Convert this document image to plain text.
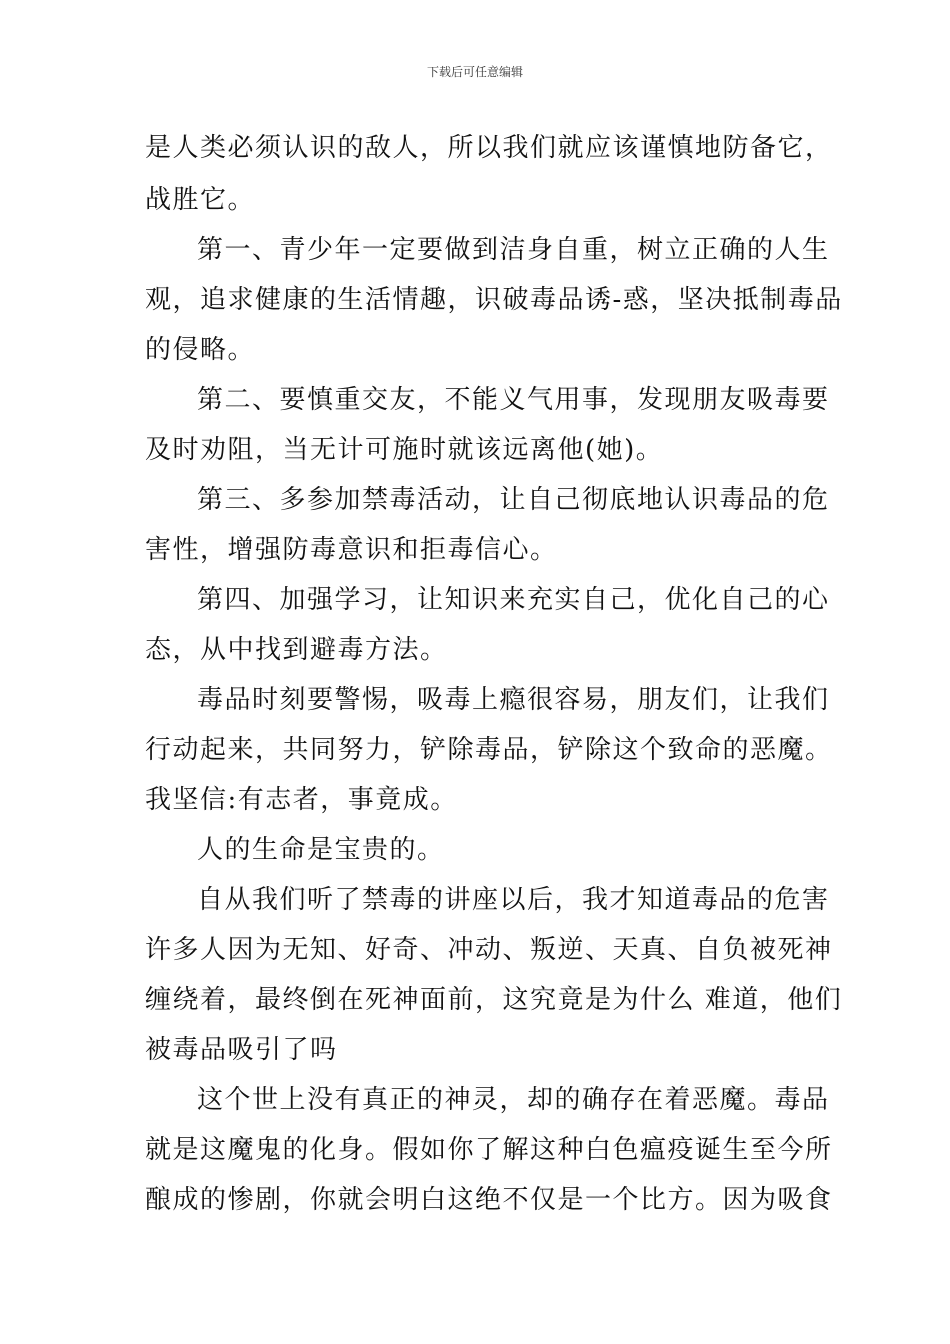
下载后可任意编辑
是人类必须认识的敌人，所以我们就应该谨慎地防备它，
战胜它。
第一、青少年一定要做到洁身自重，树立正确的人生
观，追求健康的生活情趣，识破毒品诱-惑，坚决抵制毒品
的侵略。
第二、要慎重交友，不能义气用事，发现朋友吸毒要
及时劝阻，当无计可施时就该远离他(她)。
第三、多参加禁毒活动，让自己彻底地认识毒品的危
害性，增强防毒意识和拒毒信心。
第四、加强学习，让知识来充实自己，优化自己的心
态，从中找到避毒方法。
毒品时刻要警惕，吸毒上瘾很容易，朋友们，让我们
行动起来，共同努力，铲除毒品，铲除这个致命的恶魔。
我坚信:有志者，事竟成。
人的生命是宝贵的。
自从我们听了禁毒的讲座以后，我才知道毒品的危害
许多人因为无知、好奇、冲动、叛逆、天真、自负被死神
缠绕着，最终倒在死神面前，这究竟是为什么 难道，他们
被毒品吸引了吗
这个世上没有真正的神灵，却的确存在着恶魔。毒品
就是这魔鬼的化身。假如你了解这种白色瘟疫诞生至今所
酿成的惨剧，你就会明白这绝不仅是一个比方。因为吸食
